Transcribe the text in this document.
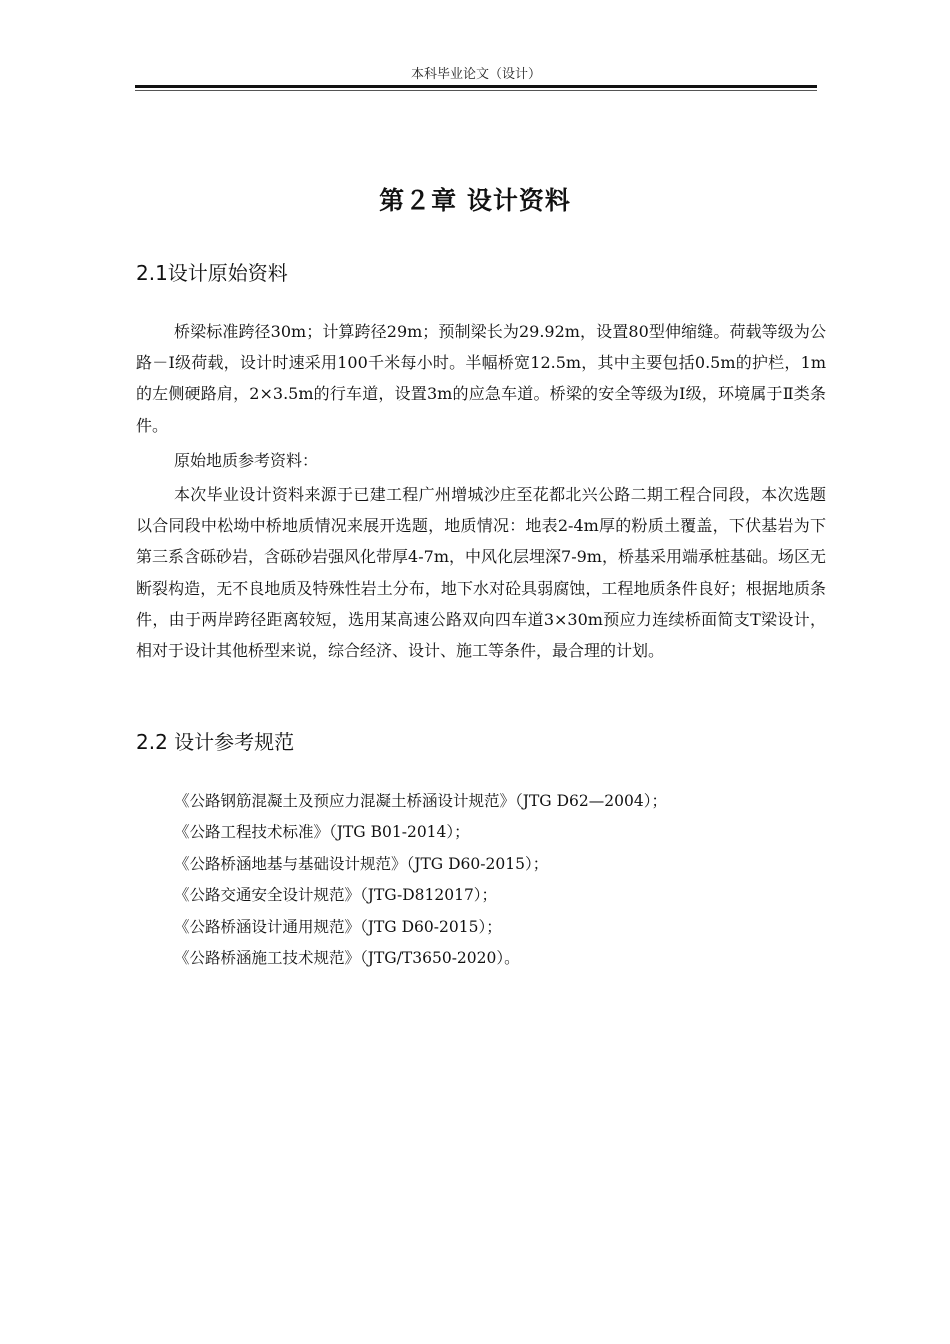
本科毕业论文（设计）
第２章 设计资料
2.1设计原始资料

桥梁标准跨径30m；计算跨径29m；预制梁长为29.92m，设置80型伸缩缝。荷载等级为公路－Ⅰ级荷载，设计时速采用100千米每小时。半幅桥宽12.5m，其中主要包括0.5m的护栏，1m的左侧硬路肩，2×3.5m的行车道，设置3m的应急车道。桥梁的安全等级为Ⅰ级，环境属于Ⅱ类条件。

原始地质参考资料：

本次毕业设计资料来源于已建工程广州增城沙庄至花都北兴公路二期工程合同段，本次选题以合同段中松坳中桥地质情况来展开选题，地质情况：地表2-4m厚的粉质土覆盖，下伏基岩为下第三系含砾砂岩，含砾砂岩强风化带厚4-7m，中风化层埋深7-9m，桥基采用端承桩基础。场区无断裂构造，无不良地质及特殊性岩土分布，地下水对砼具弱腐蚀，工程地质条件良好；根据地质条件，由于两岸跨径距离较短，选用某高速公路双向四车道3×30m预应力连续桥面简支T梁设计，相对于设计其他桥型来说，综合经济、设计、施工等条件，最合理的计划。

2.2 设计参考规范
《公路钢筋混凝土及预应力混凝土桥涵设计规范》（JTG D62—2004）；
《公路工程技术标准》（JTG B01-2014）；
《公路桥涵地基与基础设计规范》（JTG D60-2015）；
《公路交通安全设计规范》（JTG-D812017）；
《公路桥涵设计通用规范》（JTG D60-2015）；
《公路桥涵施工技术规范》（JTG/T3650-2020）。
